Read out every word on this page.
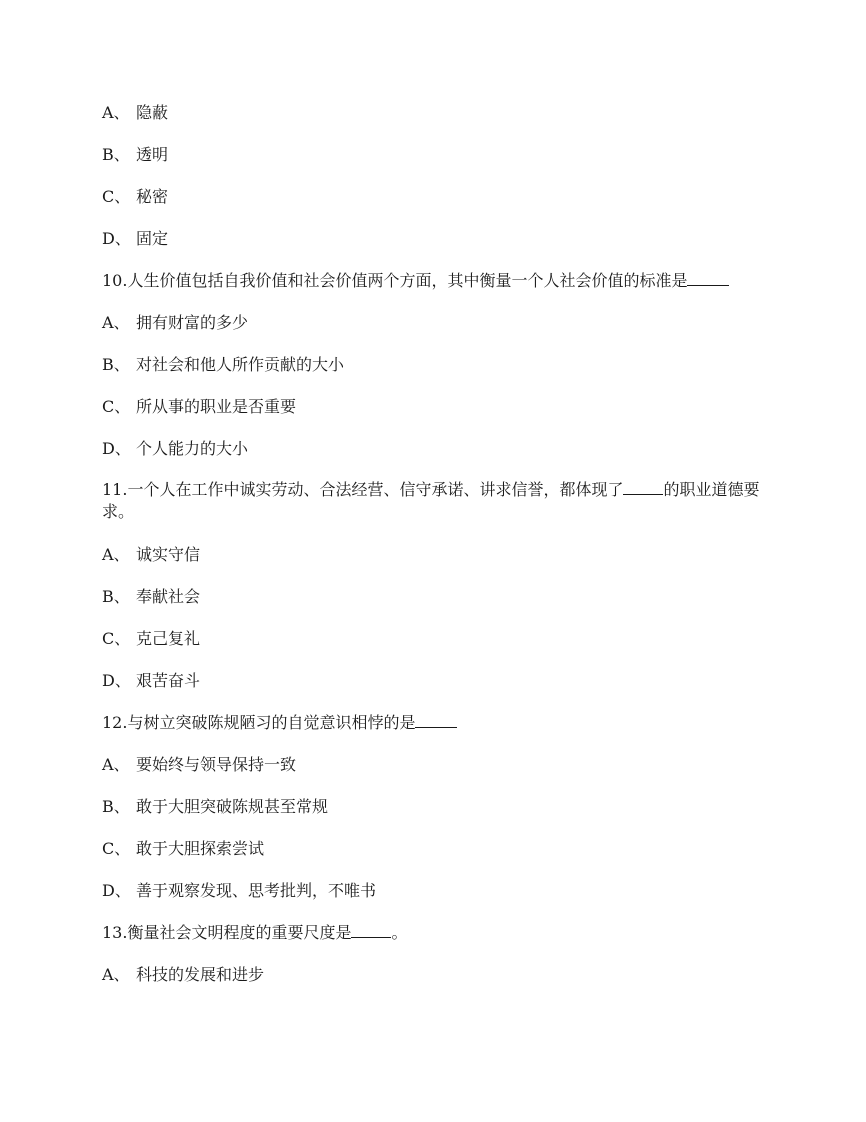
A、 隐蔽
B、 透明
C、 秘密
D、 固定
10.人生价值包括自我价值和社会价值两个方面，其中衡量一个人社会价值的标准是
A、 拥有财富的多少
B、 对社会和他人所作贡献的大小
C、 所从事的职业是否重要
D、 个人能力的大小
11.一个人在工作中诚实劳动、合法经营、信守承诺、讲求信誉，都体现了	的职业道德要求。
A、 诚实守信
B、 奉献社会
C、 克己复礼
D、 艰苦奋斗
12.与树立突破陈规陋习的自觉意识相悖的是
A、 要始终与领导保持一致
B、 敢于大胆突破陈规甚至常规
C、 敢于大胆探索尝试
D、 善于观察发现、思考批判，不唯书
13.衡量社会文明程度的重要尺度是	。
A、 科技的发展和进步
